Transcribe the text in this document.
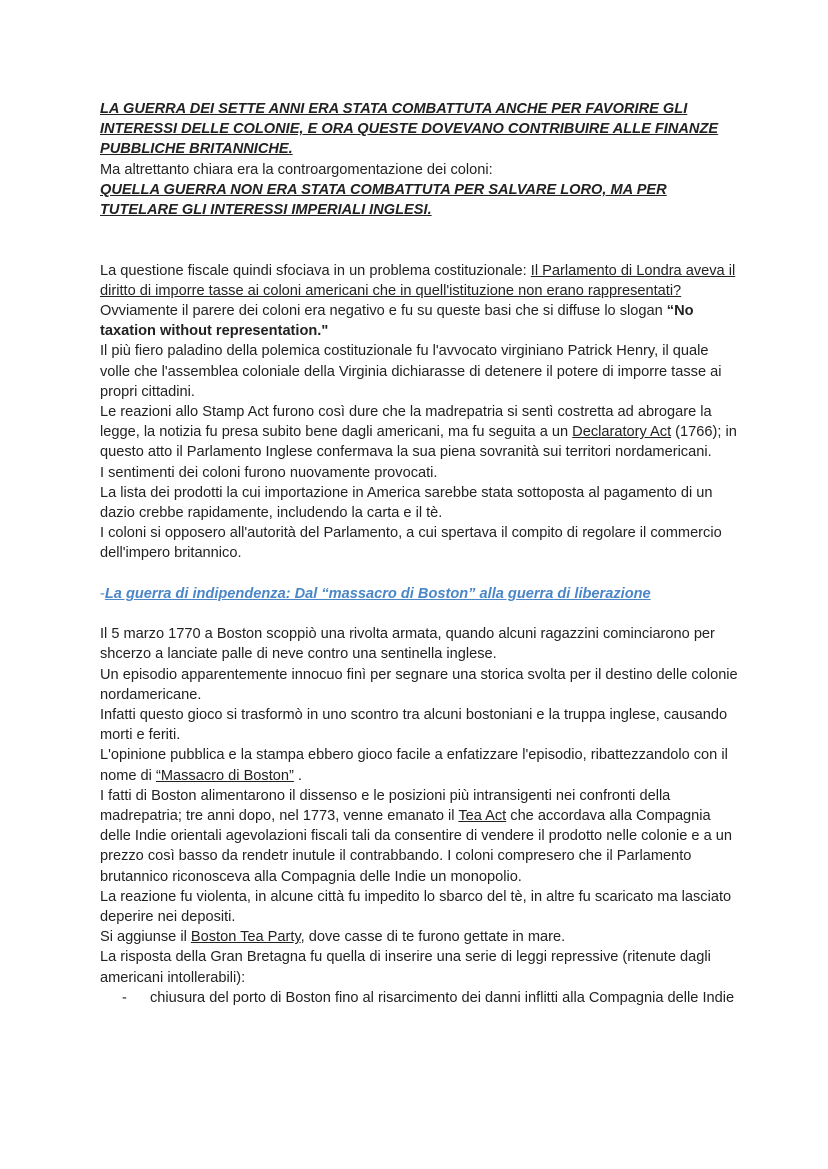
LA GUERRA DEI SETTE ANNI ERA STATA COMBATTUTA ANCHE PER FAVORIRE GLI INTERESSI DELLE COLONIE, E ORA QUESTE DOVEVANO CONTRIBUIRE ALLE FINANZE PUBBLICHE BRITANNICHE.

Ma altrettanto chiara era la controargomentazione dei coloni:

QUELLA GUERRA NON ERA STATA COMBATTUTA PER SALVARE LORO, MA PER TUTELARE GLI INTERESSI IMPERIALI INGLESI.

La questione fiscale quindi sfociava in un problema costituzionale: Il Parlamento di Londra aveva il diritto di imporre tasse ai coloni americani che in quell'istituzione non erano rappresentati?

Ovviamente il parere dei coloni era negativo e fu su queste basi che si diffuse lo slogan “No taxation without representation."

Il più fiero paladino della polemica costituzionale fu l'avvocato virginiano Patrick Henry, il quale volle che l'assemblea coloniale della Virginia dichiarasse di detenere il potere di imporre tasse ai propri cittadini.

Le reazioni allo Stamp Act furono così dure che la madrepatria si sentì costretta ad abrogare la legge, la notizia fu presa subito bene dagli americani, ma fu seguita a un Declaratory Act (1766); in questo atto il Parlamento Inglese confermava la sua piena sovranità sui territori nordamericani.

I sentimenti dei coloni furono nuovamente provocati.

La lista dei prodotti la cui importazione in America sarebbe stata sottoposta al pagamento di un dazio crebbe rapidamente, includendo la carta e il tè.

I coloni si opposero all'autorità del Parlamento, a cui spertava il compito di regolare il commercio dell'impero britannico.

-La guerra di indipendenza: Dal “massacro di Boston” alla guerra di liberazione

Il 5 marzo 1770 a Boston scoppiò una rivolta armata, quando alcuni ragazzini cominciarono per shcerzo a lanciate palle di neve contro una sentinella inglese.

Un episodio apparentemente innocuo finì per segnare una storica svolta per il destino delle colonie nordamericane.

Infatti questo gioco si trasformò in uno scontro tra alcuni bostoniani e la truppa inglese, causando morti e feriti.

L'opinione pubblica e la stampa ebbero gioco facile a enfatizzare l'episodio, ribattezzandolo con il nome di “Massacro di Boston” .

I fatti di Boston alimentarono il dissenso e le posizioni più intransigenti nei confronti della madrepatria; tre anni dopo, nel 1773, venne emanato il Tea Act che accordava alla Compagnia delle Indie orientali agevolazioni fiscali tali da consentire di vendere il prodotto nelle colonie e a un prezzo così basso da rendetr inutule il contrabbando. I coloni compresero che il Parlamento brutannico riconosceva alla Compagnia delle Indie un monopolio.

La reazione fu violenta, in alcune città fu impedito lo sbarco del tè, in altre fu scaricato ma lasciato deperire nei depositi.

Si aggiunse il Boston Tea Party, dove casse di te furono gettate in mare.

La risposta della Gran Bretagna fu quella di inserire una serie di leggi repressive (ritenute dagli americani intollerabili):

- chiusura del porto di Boston fino al risarcimento dei danni inflitti alla Compagnia delle Indie
